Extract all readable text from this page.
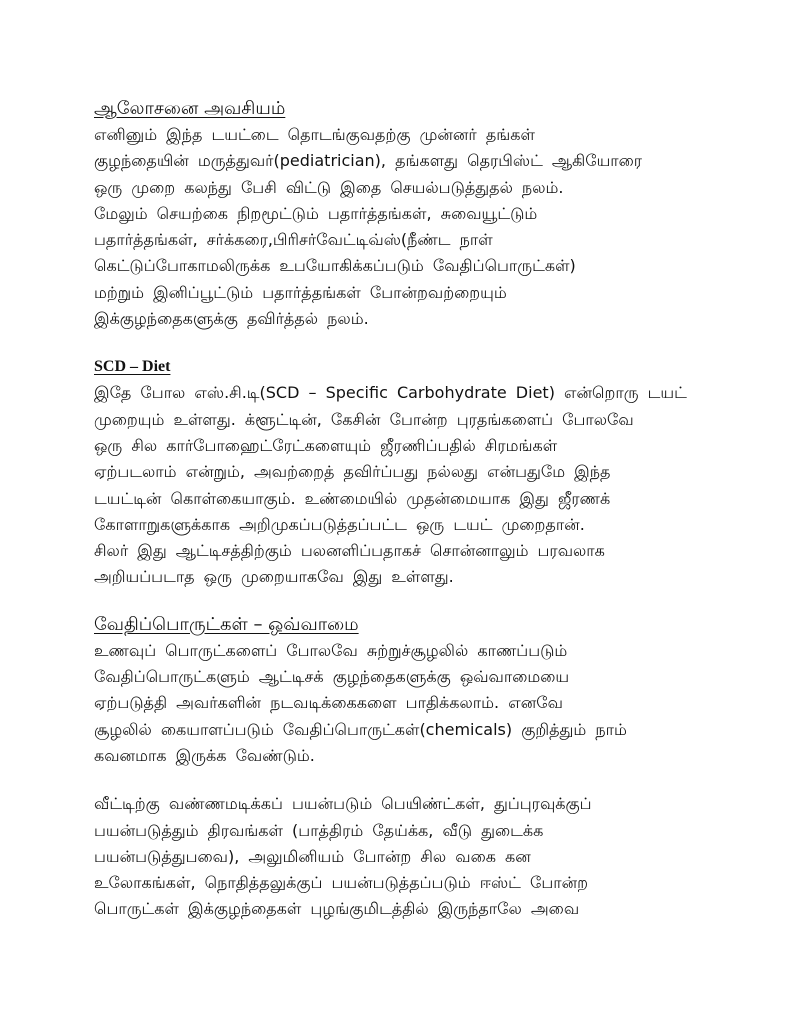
ஆலோசனை அவசியம்
எனினும் இந்த டயட்டை தொடங்குவதற்கு முன்னர் தங்கள்
குழந்தையின் மருத்துவர்(pediatrician), தங்களது தெரபிஸ்ட் ஆகியோரை
ஒரு முறை கலந்து பேசி விட்டு இதை செயல்படுத்துதல் நலம்.
மேலும் செயற்கை நிறமூட்டும் பதார்த்தங்கள், சுவையூட்டும்
பதார்த்தங்கள், சர்க்கரை,பிரிசர்வேட்டிவ்ஸ்(நீண்ட நாள்
கெட்டுப்போகாமலிருக்க உபயோகிக்கப்படும் வேதிப்பொருட்கள்)
மற்றும் இனிப்பூட்டும் பதார்த்தங்கள் போன்றவற்றையும்
இக்குழந்தைகளுக்கு தவிர்த்தல் நலம்.
SCD – Diet
இதே போல எஸ்.சி.டி(SCD – Specific Carbohydrate Diet) என்றொரு டயட்
முறையும் உள்ளது. க்ளூட்டின், கேசின் போன்ற புரதங்களைப் போலவே
ஒரு சில கார்போஹைட்ரேட்களையும் ஜீரணிப்பதில் சிரமங்கள்
ஏற்படலாம் என்றும், அவற்றைத் தவிர்ப்பது நல்லது என்பதுமே இந்த
டயட்டின் கொள்கையாகும். உண்மையில் முதன்மையாக இது ஜீரணக்
கோளாறுகளுக்காக அறிமுகப்படுத்தப்பட்ட ஒரு டயட் முறைதான்.
சிலர் இது ஆட்டிசத்திற்கும் பலனளிப்பதாகச் சொன்னாலும் பரவலாக
அறியப்படாத ஒரு முறையாகவே இது உள்ளது.
வேதிப்பொருட்கள் – ஒவ்வாமை
உணவுப் பொருட்களைப் போலவே சுற்றுச்சூழலில் காணப்படும்
வேதிப்பொருட்களும் ஆட்டிசக் குழந்தைகளுக்கு ஒவ்வாமையை
ஏற்படுத்தி அவர்களின் நடவடிக்கைகளை பாதிக்கலாம். எனவே
சூழலில் கையாளப்படும் வேதிப்பொருட்கள்(chemicals) குறித்தும் நாம்
கவனமாக இருக்க வேண்டும்.
வீட்டிற்கு வண்ணமடிக்கப் பயன்படும் பெயிண்ட்கள், துப்புரவுக்குப்
பயன்படுத்தும் திரவங்கள் (பாத்திரம் தேய்க்க, வீடு துடைக்க
பயன்படுத்துபவை), அலுமினியம் போன்ற சில வகை கன
உலோகங்கள், நொதித்தலுக்குப் பயன்படுத்தப்படும் ஈஸ்ட் போன்ற
பொருட்கள் இக்குழந்தைகள் புழங்குமிடத்தில் இருந்தாலே அவை
